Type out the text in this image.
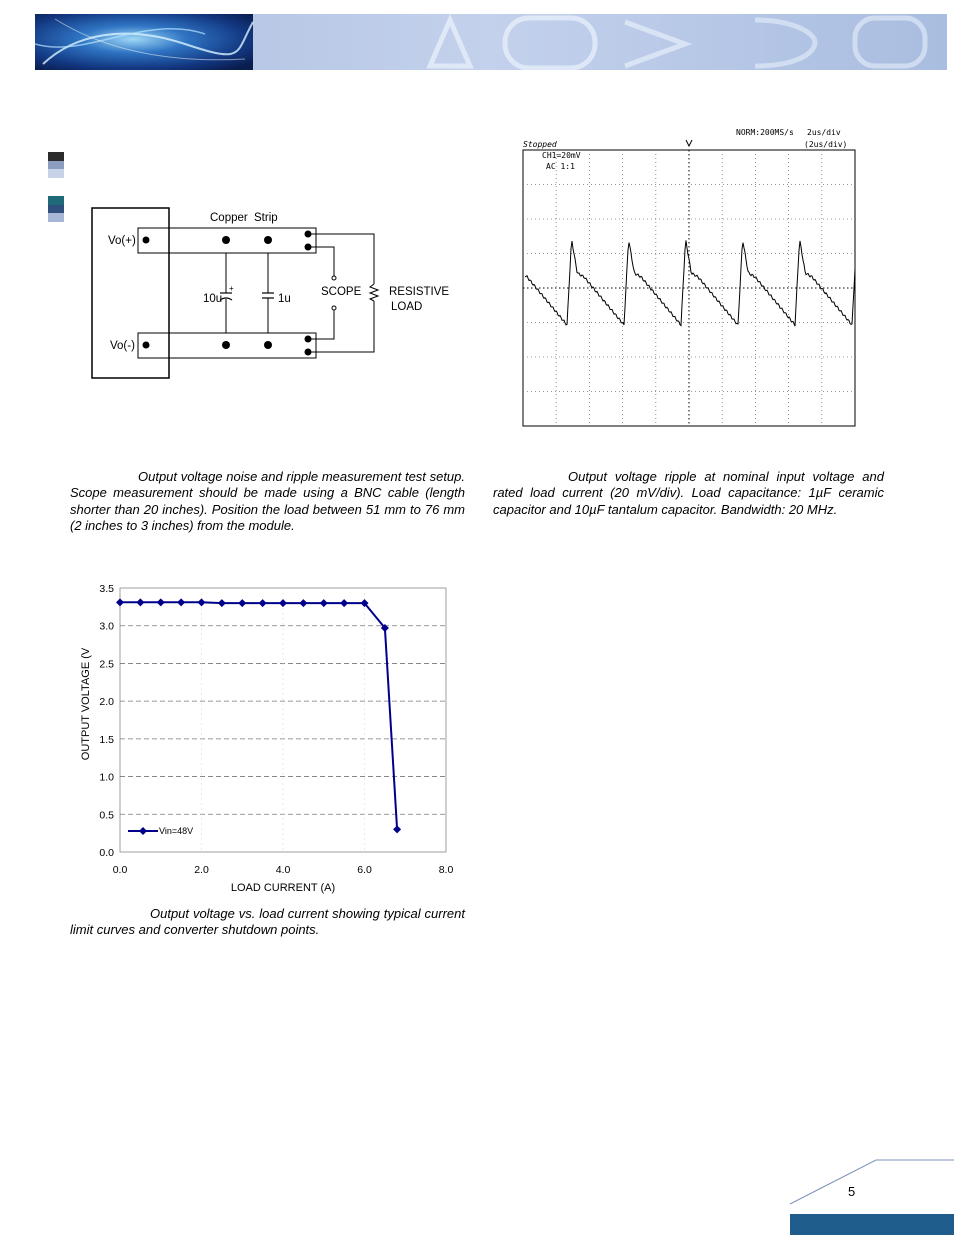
+
Copper Strip
Vo(+)
Vo(-)
10u	1u
SCOPE RESISTIVE
LOAD
NORM:200MS/s 2us/div
Stopped	(2us/div)
CH1=20mV
AC 1:1

Output voltage noise and ripple measurement test setup. Scope measurement should be made using a BNC cable (length shorter than 20 inches). Position the load between 51 mm to 76 mm (2 inches to 3 inches) from the module.

Output voltage ripple at nominal input voltage and rated load current (20 mV/div). Load capacitance: 1µF ceramic capacitor and 10µF tantalum capacitor. Bandwidth: 20 MHz.

0.0
0.5
1.0
1.5
2.0
2.5
3.0
3.5
0.0	2.0	4.0	6.0	8.0
Vin=48V
LOAD CURRENT (A)
OUTPUT VOLTAGE (V

Output voltage vs. load current showing typical current limit curves and converter shutdown points.

5
